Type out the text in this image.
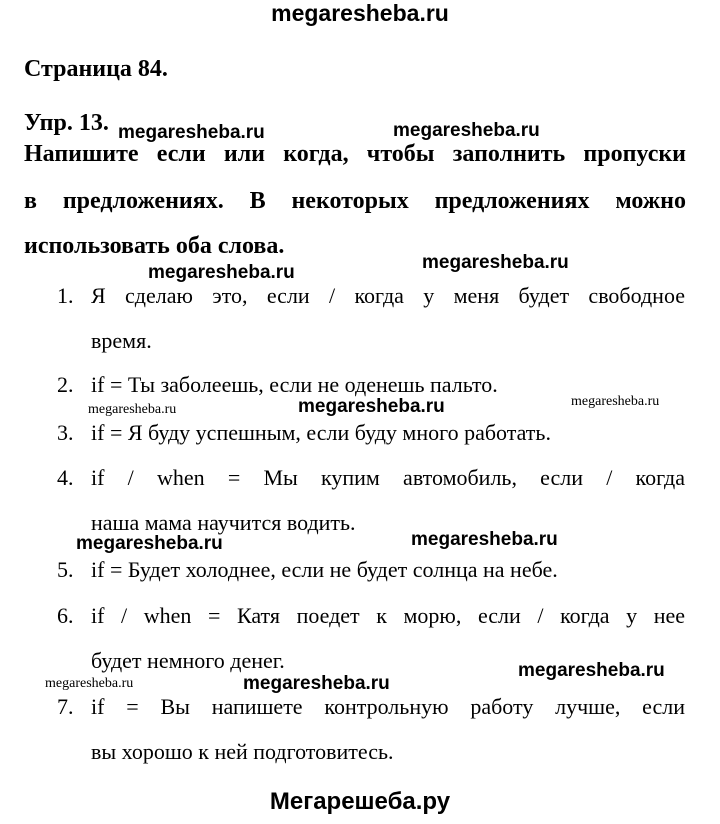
megaresheba.ru
Страница 84.
Упр. 13.
Напишите если или когда, чтобы заполнить пропуски
в предложениях. В некоторых предложениях можно
использовать оба слова.
1. Я сделаю это, если / когда у меня будет свободное
время.
2. if = Ты заболеешь, если не оденешь пальто.
3. if = Я буду успешным, если буду много работать.
4. if / when = Мы купим автомобиль, если / когда
наша мама научится водить.
5. if = Будет холоднее, если не будет солнца на небе.
6. if / when = Катя поедет к морю, если / когда у нее
будет немного денег.
7. if = Вы напишете контрольную работу лучше, если
вы хорошо к ней подготовитесь.
megaresheba.ru	megaresheba.ru
megaresheba.ru	megaresheba.ru
megaresheba.ru	megaresheba.ru	megaresheba.ru
megaresheba.ru	megaresheba.ru
megaresheba.ru	megaresheba.ru
megaresheba.ru
Мегарешеба.ру
